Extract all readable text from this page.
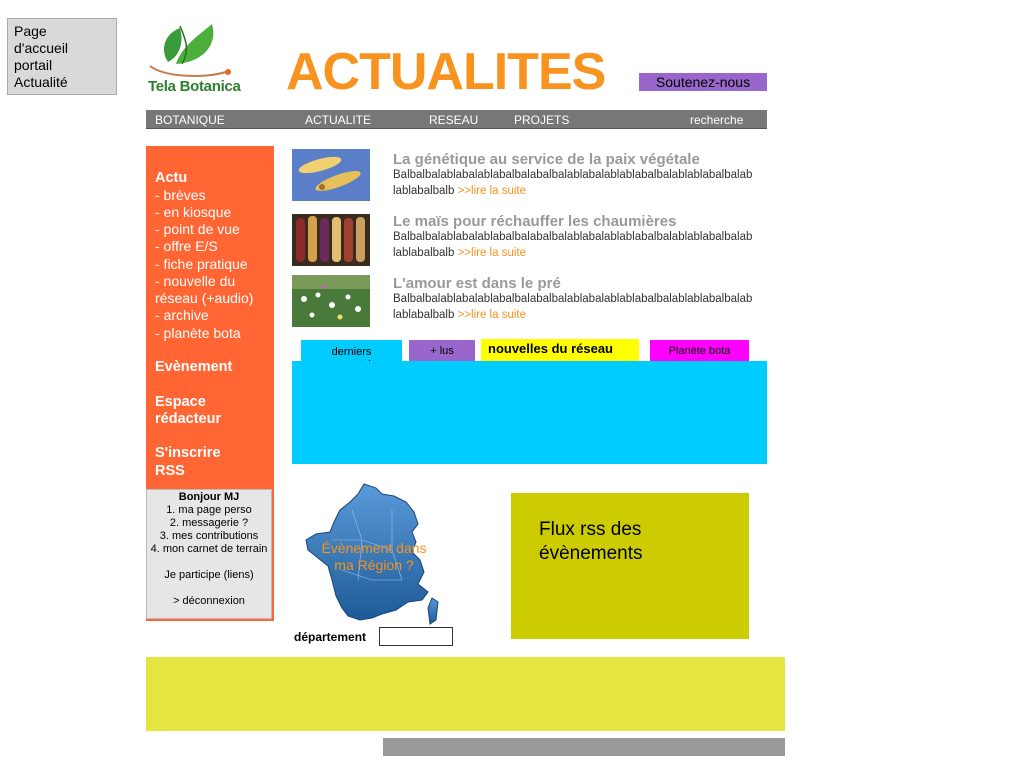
Page
d'accueil
portail
Actualité	Tela Botanica ACTUALITES	Soutenez-nous
BOTANIQUE	ACTUALITE	RESEAU	PROJETS	recherche
Actu
- brèves
- en kiosque
- point de vue
- offre E/S
- fiche pratique
- nouvelle du
réseau (+audio)
- archive
- planète bota
Evènement
Espace
rédacteur
S'inscrire
RSS
Bonjour MJ
1. ma page perso
2. messagerie ?
3. mes contributions
4. mon carnet de terrain
Je participe (liens)
> déconnexion
La génétique au service de la paix végétale
Balbalbalablabalablabalbalabalbalablabalablablabalbalablablabalbalablablabalbalb >>lire la suite
Le maïs pour réchauffer les chaumières
Balbalbalablabalablabalbalabalbalablabalablablabalbalablablabalbalablablabalbalb >>lire la suite
L'amour est dans le pré
Balbalbalablabalablabalbalabalbalablabalablablabalbalablablabalbalablablabalbalb >>lire la suite
derniers	+ lus	nouvelles du réseau	Planète bota
Évènement dans ma Région ?
département
Flux rss des évènements
